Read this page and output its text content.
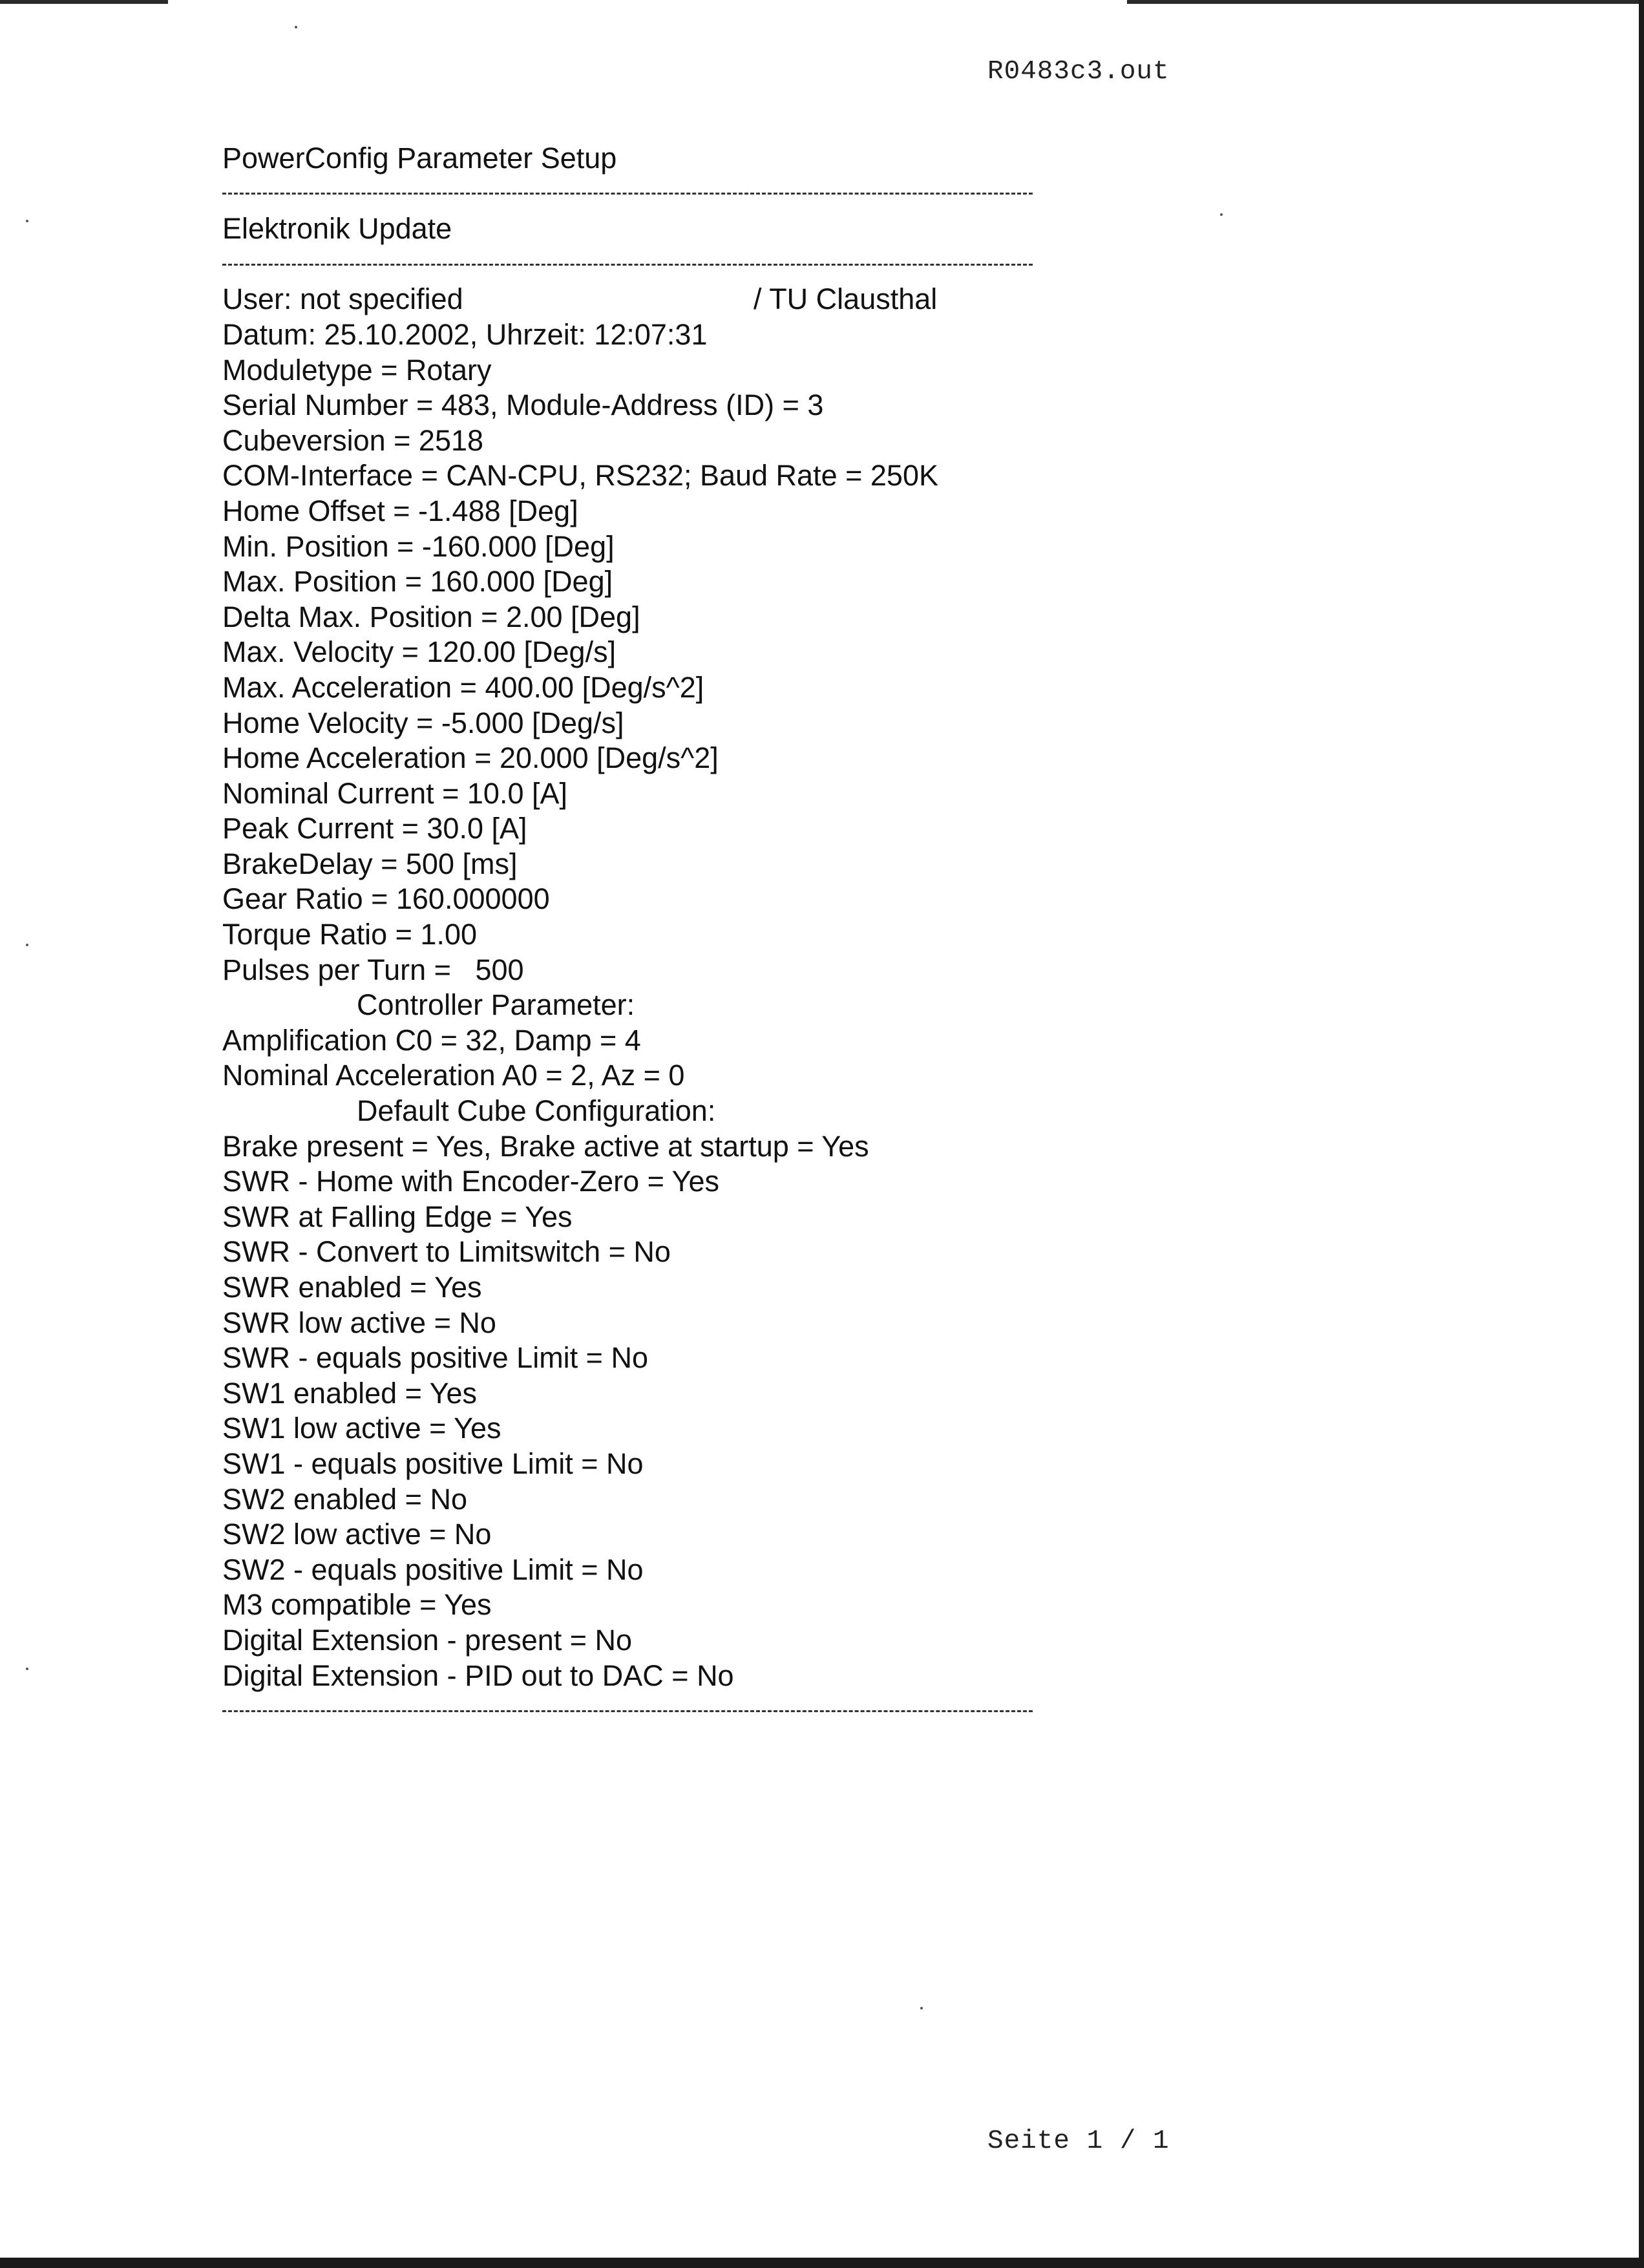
R0483c3.out
PowerConfig Parameter Setup
Elektronik Update
User: not specified	/ TU Clausthal
Datum: 25.10.2002, Uhrzeit: 12:07:31
Moduletype = Rotary
Serial Number = 483, Module-Address (ID) = 3
Cubeversion = 2518
COM-Interface = CAN-CPU, RS232; Baud Rate = 250K
Home Offset = -1.488 [Deg]
Min. Position = -160.000 [Deg]
Max. Position = 160.000 [Deg]
Delta Max. Position = 2.00 [Deg]
Max. Velocity = 120.00 [Deg/s]
Max. Acceleration = 400.00 [Deg/s^2]
Home Velocity = -5.000 [Deg/s]
Home Acceleration = 20.000 [Deg/s^2]
Nominal Current = 10.0 [A]
Peak Current = 30.0 [A]
BrakeDelay = 500 [ms]
Gear Ratio = 160.000000
Torque Ratio = 1.00
Pulses per Turn =   500
Controller Parameter:
Amplification C0 = 32, Damp = 4
Nominal Acceleration A0 = 2, Az = 0
Default Cube Configuration:
Brake present = Yes, Brake active at startup = Yes
SWR - Home with Encoder-Zero = Yes
SWR at Falling Edge = Yes
SWR - Convert to Limitswitch = No
SWR enabled = Yes
SWR low active = No
SWR - equals positive Limit = No
SW1 enabled = Yes
SW1 low active = Yes
SW1 - equals positive Limit = No
SW2 enabled = No
SW2 low active = No
SW2 - equals positive Limit = No
M3 compatible = Yes
Digital Extension - present = No
Digital Extension - PID out to DAC = No
Seite 1 / 1
